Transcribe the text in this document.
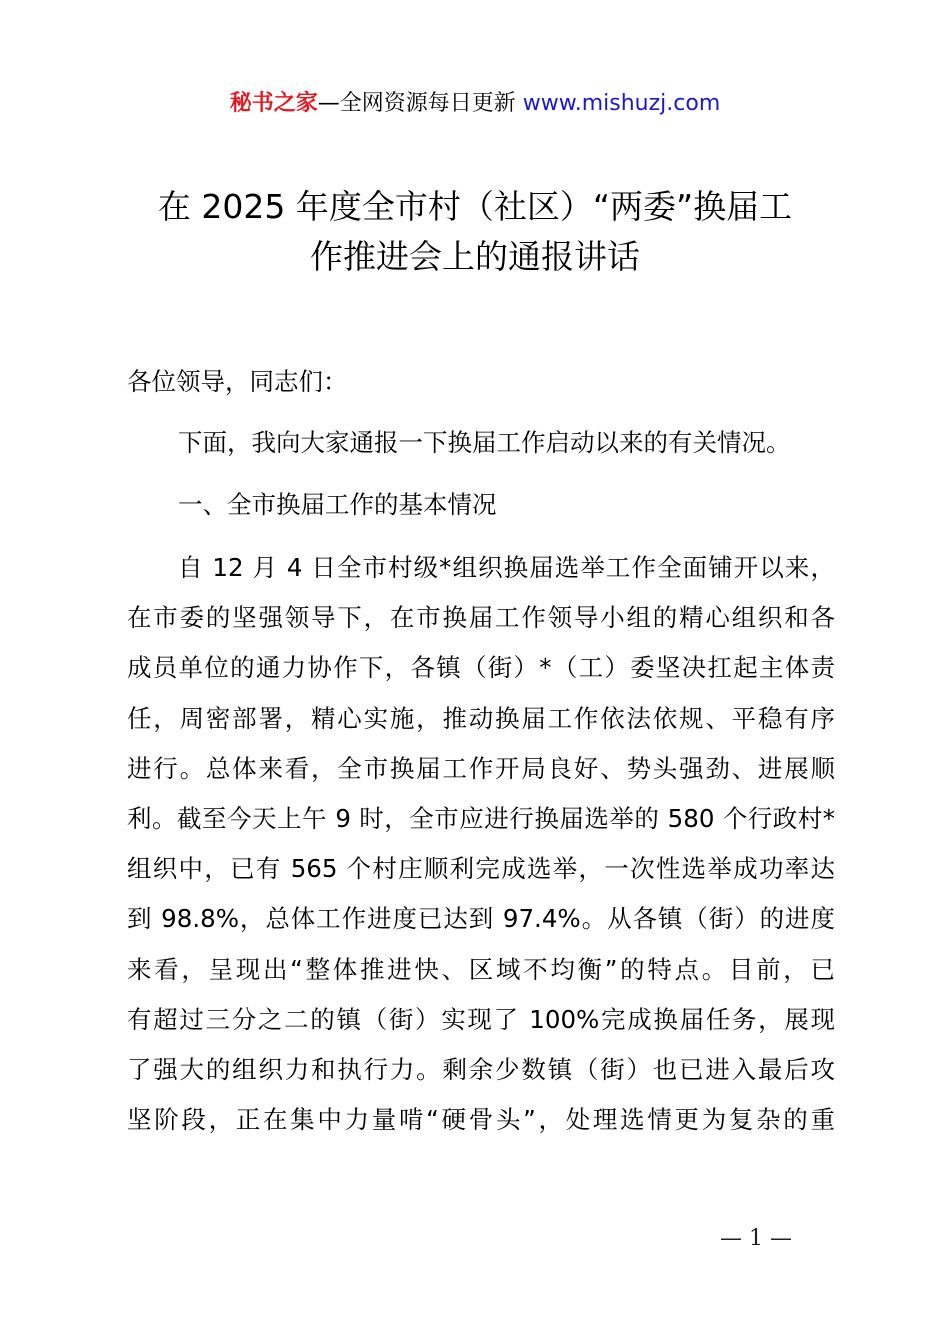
秘书之家—全网资源每日更新 www.mishuzj.com
在 2025 年度全市村（社区）“两委”换届工
作推进会上的通报讲话
各位领导，同志们：
下面，我向大家通报一下换届工作启动以来的有关情况。
一、全市换届工作的基本情况
自 12 月 4 日全市村级*组织换届选举工作全面铺开以来，
在市委的坚强领导下，在市换届工作领导小组的精心组织和各
成员单位的通力协作下，各镇（街）*（工）委坚决扛起主体责
任，周密部署，精心实施，推动换届工作依法依规、平稳有序
进行。总体来看，全市换届工作开局良好、势头强劲、进展顺
利。截至今天上午 9 时，全市应进行换届选举的 580 个行政村*
组织中，已有 565 个村庄顺利完成选举，一次性选举成功率达
到 98.8%，总体工作进度已达到 97.4%。从各镇（街）的进度
来看，呈现出“整体推进快、区域不均衡”的特点。目前，已
有超过三分之二的镇（街）实现了 100%完成换届任务，展现
了强大的组织力和执行力。剩余少数镇（街）也已进入最后攻
坚阶段，正在集中力量啃“硬骨头”，处理选情更为复杂的重
— 1 —
